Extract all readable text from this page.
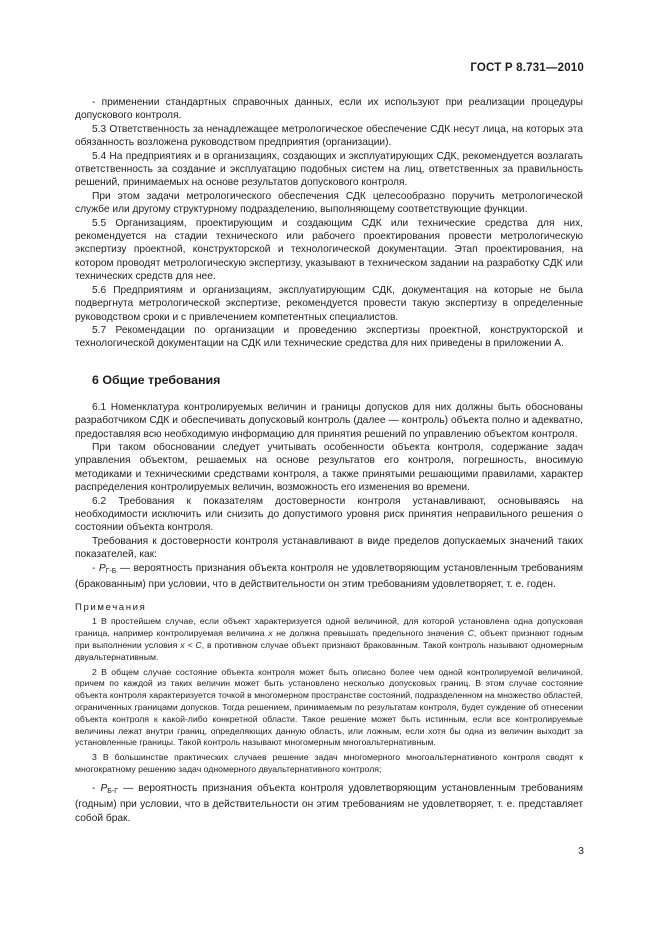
ГОСТ Р 8.731—2010

- применении стандартных справочных данных, если их используют при реализации процедуры допускового контроля.

5.3 Ответственность за ненадлежащее метрологическое обеспечение СДК несут лица, на которых эта обязанность возложена руководством предприятия (организации).

5.4 На предприятиях и в организациях, создающих и эксплуатирующих СДК, рекомендуется возлагать ответственность за создание и эксплуатацию подобных систем на лиц, ответственных за правильность решений, принимаемых на основе результатов допускового контроля.

При этом задачи метрологического обеспечения СДК целесообразно поручить метрологической службе или другому структурному подразделению, выполняющему соответствующие функции.

5.5 Организациям, проектирующим и создающим СДК или технические средства для них, рекомендуется на стадии технического или рабочего проектирования провести метрологическую экспертизу проектной, конструкторской и технологической документации. Этап проектирования, на котором проводят метрологическую экспертизу, указывают в техническом задании на разработку СДК или технических средств для нее.

5.6 Предприятиям и организациям, эксплуатирующим СДК, документация на которые не была подвергнута метрологической экспертизе, рекомендуется провести такую экспертизу в определенные руководством сроки и с привлечением компетентных специалистов.

5.7 Рекомендации по организации и проведению экспертизы проектной, конструкторской и технологической документации на СДК или технические средства для них приведены в приложении А.

6 Общие требования

6.1 Номенклатура контролируемых величин и границы допусков для них должны быть обоснованы разработчиком СДК и обеспечивать допусковый контроль (далее — контроль) объекта полно и адекватно, предоставляя всю необходимую информацию для принятия решений по управлению объектом контроля.

При таком обосновании следует учитывать особенности объекта контроля, содержание задач управления объектом, решаемых на основе результатов его контроля, погрешность, вносимую методиками и техническими средствами контроля, а также принятыми решающими правилами, характер распределения контролируемых величин, возможность его изменения во времени.

6.2 Требования к показателям достоверности контроля устанавливают, основываясь на необходимости исключить или снизить до допустимого уровня риск принятия неправильного решения о состоянии объекта контроля.

Требования к достоверности контроля устанавливают в виде пределов допускаемых значений таких показателей, как:

- $P_{Г-Б}$ — вероятность признания объекта контроля не удовлетворяющим установленным требованиям (бракованным) при условии, что в действительности он этим требованиям удовлетворяет, т. е. годен.

Примечания

1 В простейшем случае, если объект характеризуется одной величиной, для которой установлена одна допусковая граница, например контролируемая величина x не должна превышать предельного значения C, объект признают годным при выполнении условия x < C, в противном случае объект признают бракованным. Такой контроль называют одномерным двуальтернативным.

2 В общем случае состояние объекта контроля может быть описано более чем одной контролируемой величиной, причем по каждой из таких величин может быть установлено несколько допусковых границ. В этом случае состояние объекта контроля характеризуется точкой в многомерном пространстве состояний, подразделенном на множество областей, ограниченных границами допусков. Тогда решением, принимаемым по результатам контроля, будет суждение об отнесении объекта контроля к какой-либо конкретной области. Такое решение может быть истинным, если все контролируемые величины лежат внутри границ, определяющих данную область, или ложным, если хотя бы одна из величин выходит за установленные границы. Такой контроль называют многомерным многоальтернативным.

3 В большинстве практических случаев решение задач многомерного многоальтернативного контроля сводят к многократному решению задач одномерного двуальтернативного контроля;

- $P_{Б-Г}$ — вероятность признания объекта контроля удовлетворяющим установленным требованиям (годным) при условии, что в действительности он этим требованиям не удовлетворяет, т. е. представляет собой брак.

3
